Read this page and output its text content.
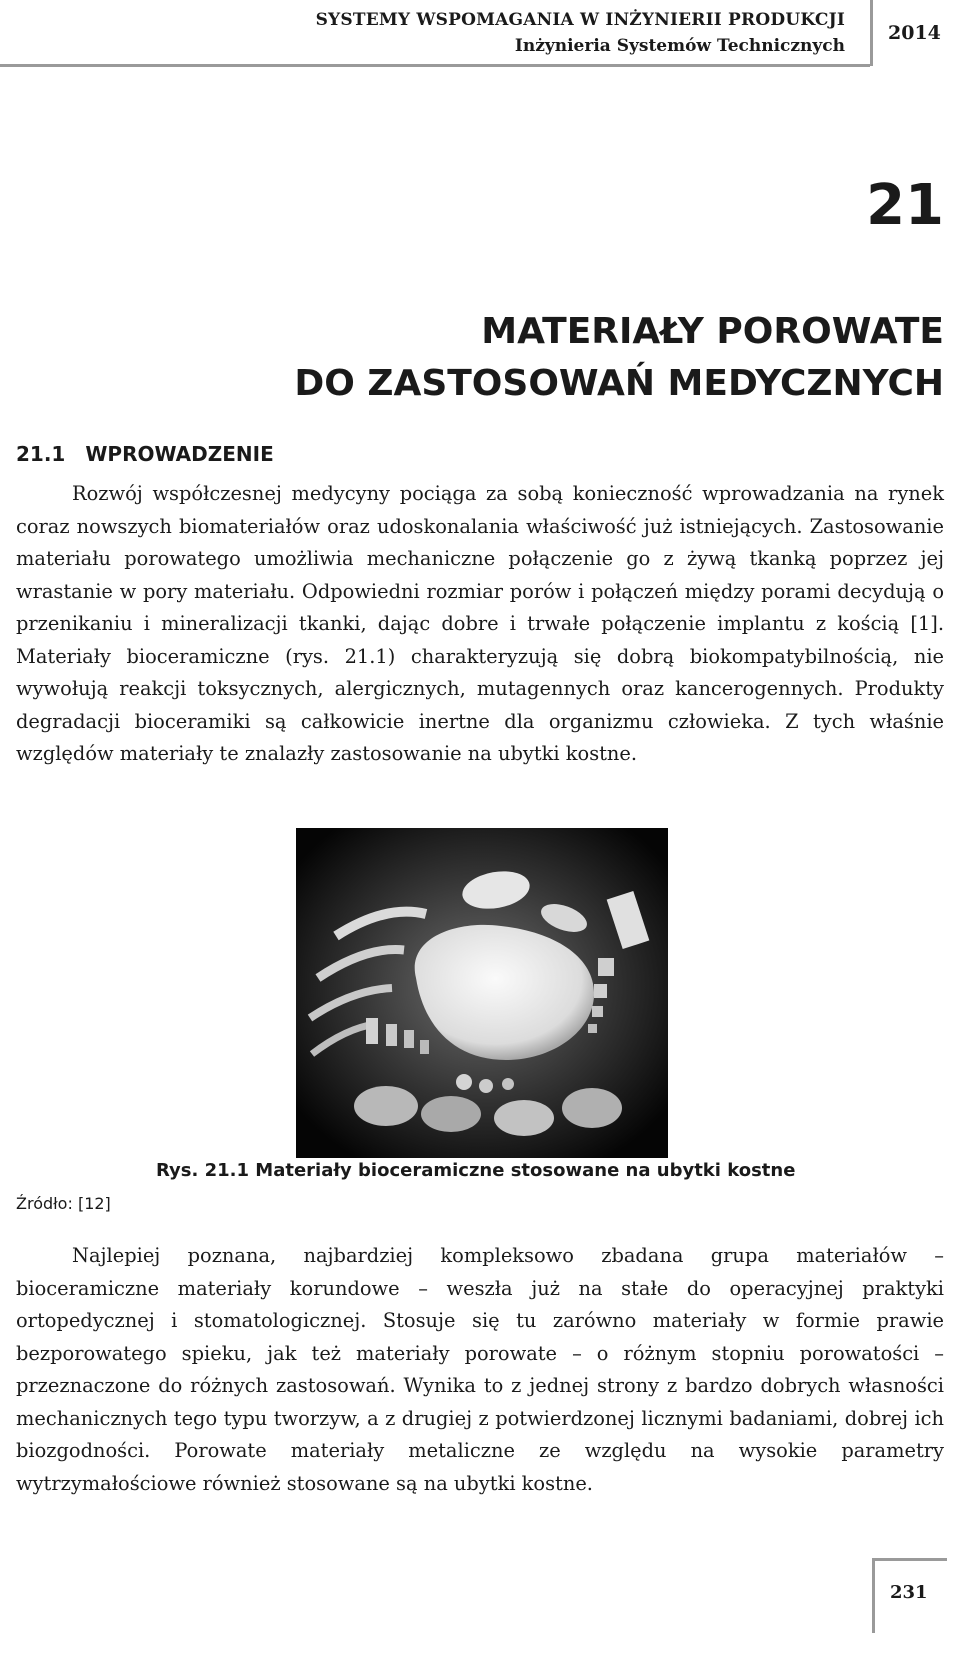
SYSTEMY WSPOMAGANIA W INŻYNIERII PRODUKCJI
Inżynieria Systemów Technicznych
2014
21
MATERIAŁY POROWATE
DO ZASTOSOWAŃ MEDYCZNYCH
21.1 WPROWADZENIE

Rozwój współczesnej medycyny pociąga za sobą konieczność wprowadzania na rynek coraz nowszych biomateriałów oraz udoskonalania właściwość już istniejących. Zastosowanie materiału porowatego umożliwia mechaniczne połączenie go z żywą tkanką poprzez jej wrastanie w pory materiału. Odpowiedni rozmiar porów i połączeń między porami decydują o przenikaniu i mineralizacji tkanki, dając dobre i trwałe połączenie implantu z kością [1]. Materiały bioceramiczne (rys. 21.1) charakteryzują się dobrą biokompatybilnością, nie wywołują reakcji toksycznych, alergicznych, mutagennych oraz kancerogennych. Produkty degradacji bioceramiki są całkowicie inertne dla organizmu człowieka. Z tych właśnie względów materiały te znalazły zastosowanie na ubytki kostne.

Rys. 21.1 Materiały bioceramiczne stosowane na ubytki kostne
Źródło: [12]

Najlepiej poznana, najbardziej kompleksowo zbadana grupa materiałów – bioceramiczne materiały korundowe – weszła już na stałe do operacyjnej praktyki ortopedycznej i stomatologicznej. Stosuje się tu zarówno materiały w formie prawie bezporowatego spieku, jak też materiały porowate – o różnym stopniu porowatości – przeznaczone do różnych zastosowań. Wynika to z jednej strony z bardzo dobrych własności mechanicznych tego typu tworzyw, a z drugiej z potwierdzonej licznymi badaniami, dobrej ich biozgodności. Porowate materiały metaliczne ze względu na wysokie parametry wytrzymałościowe również stosowane są na ubytki kostne.

231
